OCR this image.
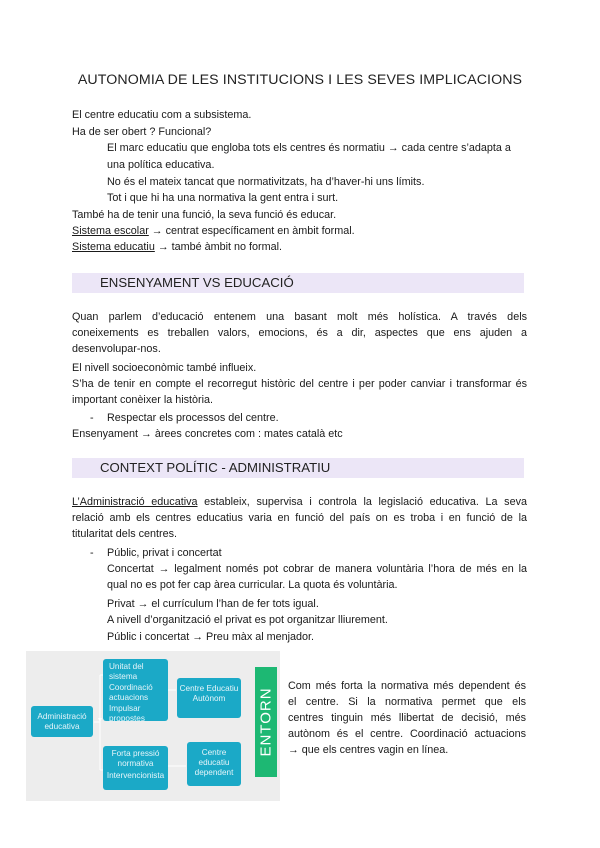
AUTONOMIA DE LES INSTITUCIONS I LES SEVES IMPLICACIONS
El centre educatiu com a subsistema.
Ha de ser obert ? Funcional?
El marc educatiu que engloba tots els centres és normatiu → cada centre s’adapta a
una política educativa.
No és el mateix tancat que normativitzats, ha d’haver-hi uns límits.
Tot i que hi ha una normativa la gent entra i surt.
També ha de tenir una funció, la seva funció és educar.
Sistema escolar → centrat específicament en àmbit formal.
Sistema educatiu → també àmbit no formal.
ENSENYAMENT VS EDUCACIÓ
Quan parlem d’educació entenem una basant molt més holística. A través dels
coneixements es treballen valors, emocions, és a dir, aspectes que ens ajuden a
desenvolupar-nos.
El nivell socioeconòmic també influeix.
S’ha de tenir en compte el recorregut històric del centre i per poder canviar i transformar és
important conèixer la història.
- Respectar els processos del centre.
Ensenyament → àrees concretes com : mates català etc
CONTEXT POLÍTIC - ADMINISTRATIU
L’Administració educativa estableix, supervisa i controla la legislació educativa. La seva
relació amb els centres educatius varia en funció del país on es troba i en funció de la
titularitat dels centres.
- Públic, privat i concertat
Concertat → legalment només pot cobrar de manera voluntària l’hora de més en la
qual no es pot fer cap àrea curricular. La quota és voluntària.
Privat → el currículum l’han de fer tots igual.
A nivell d’organització el privat es pot organitzar lliurement.
Públic i concertat → Preu màx al menjador.
Administració educativa
Unitat del sistema
Coordinació actuacions
Impulsar propostes
Centre Educatiu Autònom
Forta pressió normativa
Intervencionista
Centre educatiu dependent
ENTORN
Com més forta la normativa més dependent és
el centre. Si la normativa permet que els
centres tinguin més llibertat de decisió, més
autònom és el centre. Coordinació actuacions
→ que els centres vagin en línea.
